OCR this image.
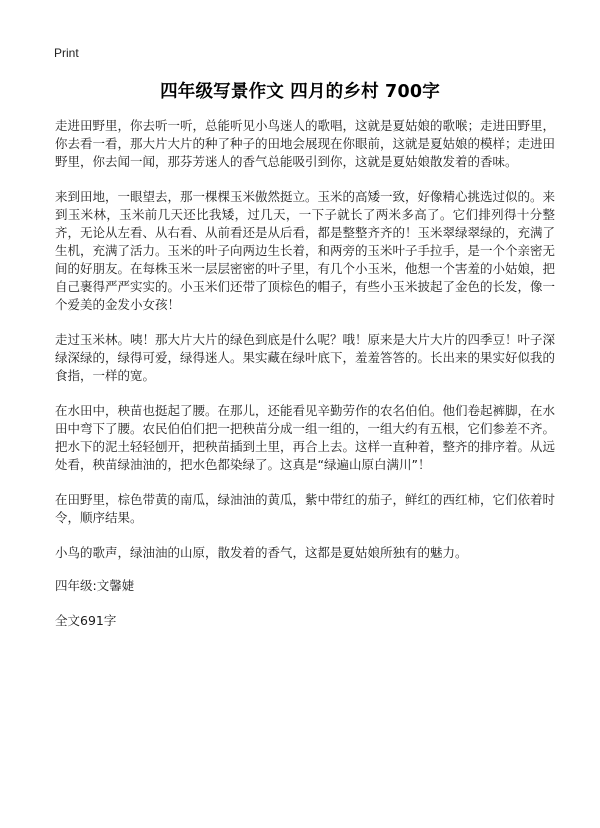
Print
四年级写景作文 四月的乡村 700字

走进田野里，你去听一听，总能听见小鸟迷人的歌唱，这就是夏姑娘的歌喉；走进田野里，你去看一看，那大片大片的种了种子的田地会展现在你眼前，这就是夏姑娘的模样；走进田野里，你去闻一闻，那芬芳迷人的香气总能吸引到你，这就是夏姑娘散发着的香味。

来到田地，一眼望去，那一棵棵玉米傲然挺立。玉米的高矮一致，好像精心挑选过似的。来到玉米林，玉米前几天还比我矮，过几天，一下子就长了两米多高了。它们排列得十分整齐，无论从左看、从右看、从前看还是从后看，都是整整齐齐的！玉米翠绿翠绿的，充满了生机，充满了活力。玉米的叶子向两边生长着，和两旁的玉米叶子手拉手，是一个个亲密无间的好朋友。在每株玉米一层层密密的叶子里，有几个小玉米，他想一个害羞的小姑娘，把自己裹得严严实实的。小玉米们还带了顶棕色的帽子，有些小玉米披起了金色的长发，像一个爱美的金发小女孩！

走过玉米林。咦！那大片大片的绿色到底是什么呢？哦！原来是大片大片的四季豆！叶子深绿深绿的，绿得可爱，绿得迷人。果实藏在绿叶底下，羞羞答答的。长出来的果实好似我的食指，一样的宽。

在水田中，秧苗也挺起了腰。在那儿，还能看见辛勤劳作的农名伯伯。他们卷起裤脚，在水田中弯下了腰。农民伯伯们把一把秧苗分成一组一组的，一组大约有五根，它们参差不齐。把水下的泥土轻轻刨开，把秧苗插到土里，再合上去。这样一直种着，整齐的排序着。从远处看，秧苗绿油油的，把水色都染绿了。这真是“绿遍山原白满川”！

在田野里，棕色带黄的南瓜，绿油油的黄瓜，紫中带红的茄子，鲜红的西红柿，它们依着时令，顺序结果。

小鸟的歌声，绿油油的山原，散发着的香气，这都是夏姑娘所独有的魅力。

四年级:文馨婕

全文691字
